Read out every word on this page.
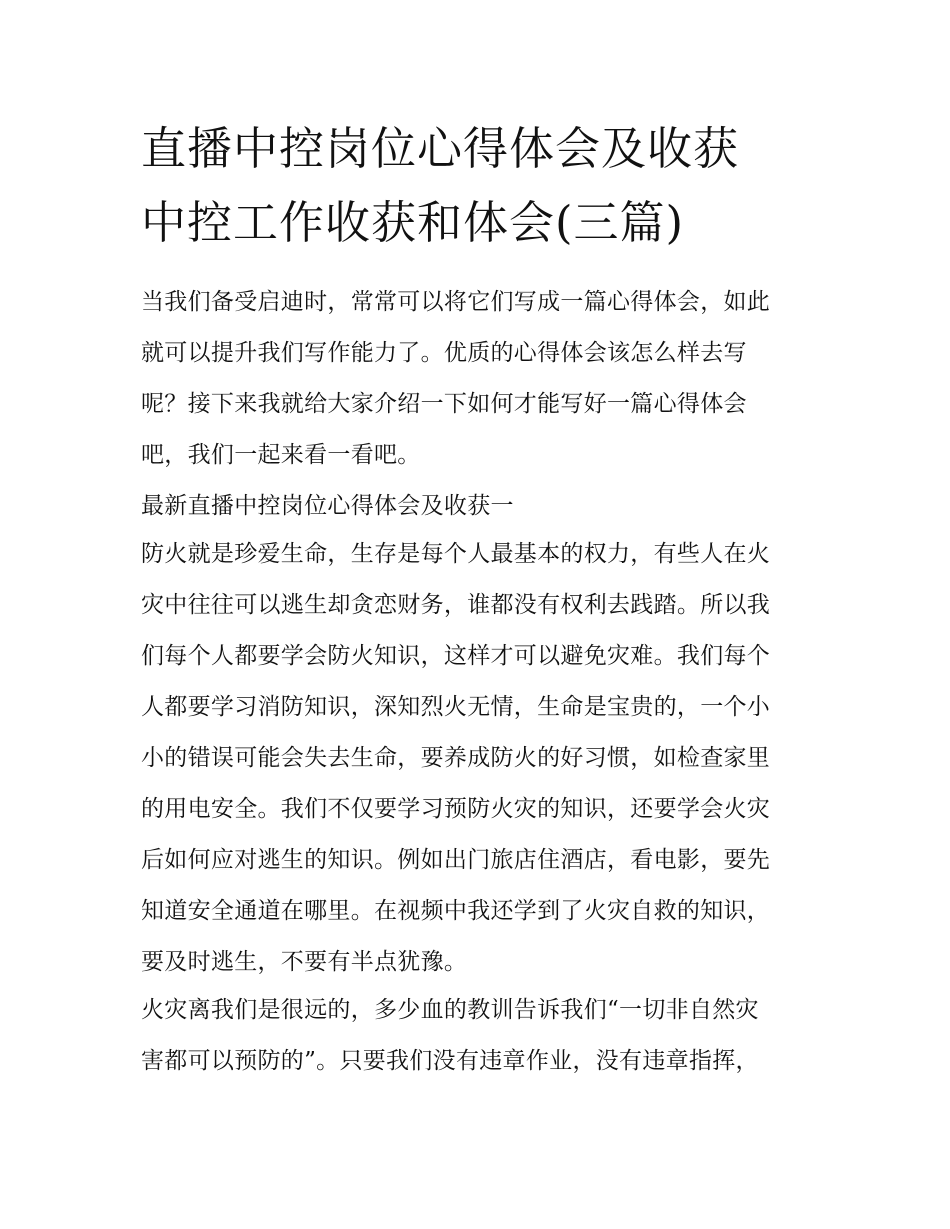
直播中控岗位心得体会及收获
中控工作收获和体会(三篇)
当我们备受启迪时，常常可以将它们写成一篇心得体会，如此
就可以提升我们写作能力了。优质的心得体会该怎么样去写
呢？接下来我就给大家介绍一下如何才能写好一篇心得体会
吧，我们一起来看一看吧。
最新直播中控岗位心得体会及收获一
防火就是珍爱生命，生存是每个人最基本的权力，有些人在火
灾中往往可以逃生却贪恋财务，谁都没有权利去践踏。所以我
们每个人都要学会防火知识，这样才可以避免灾难。我们每个
人都要学习消防知识，深知烈火无情，生命是宝贵的，一个小
小的错误可能会失去生命，要养成防火的好习惯，如检查家里
的用电安全。我们不仅要学习预防火灾的知识，还要学会火灾
后如何应对逃生的知识。例如出门旅店住酒店，看电影，要先
知道安全通道在哪里。在视频中我还学到了火灾自救的知识，
要及时逃生，不要有半点犹豫。
火灾离我们是很远的，多少血的教训告诉我们“一切非自然灾
害都可以预防的”。只要我们没有违章作业，没有违章指挥，
